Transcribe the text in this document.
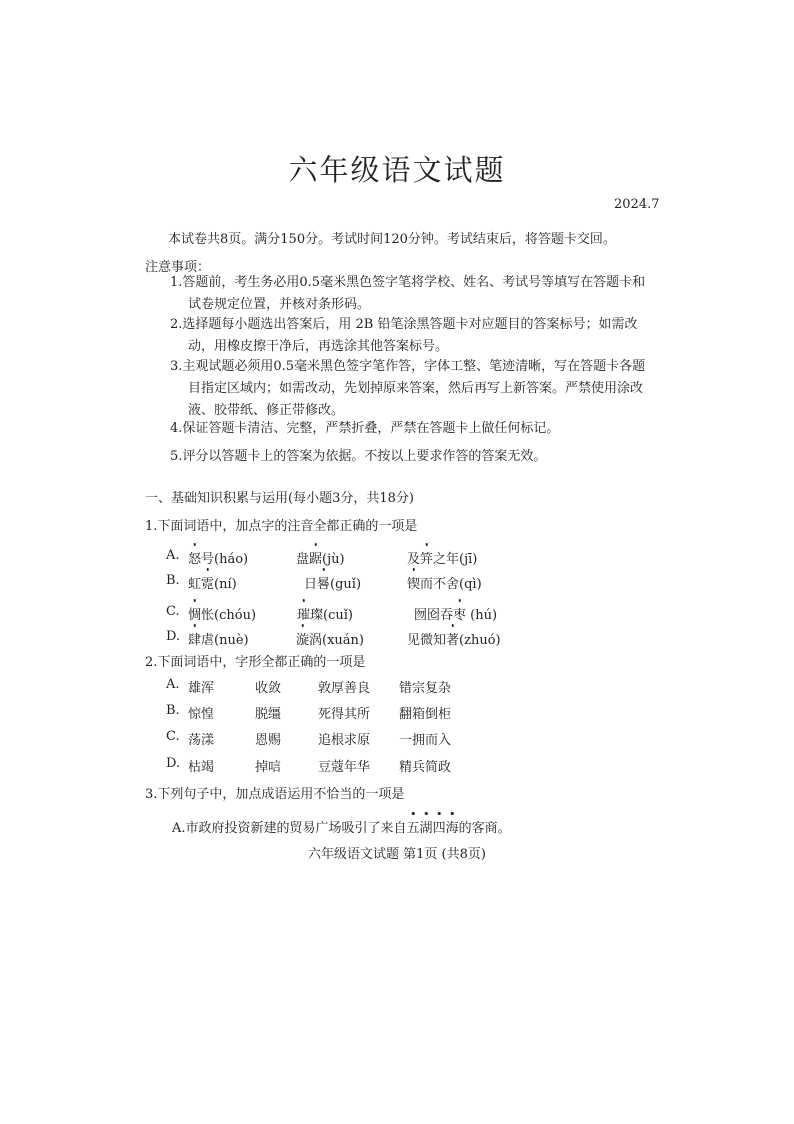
六年级语文试题
2024.7
本试卷共8页。满分150分。考试时间120分钟。考试结束后，将答题卡交回。
注意事项：
1.答题前，考生务必用0.5毫米黑色签字笔将学校、姓名、考试号等填写在答题卡和
试卷规定位置，并核对条形码。
2.选择题每小题选出答案后，用 2B 铅笔涂黑答题卡对应题目的答案标号；如需改
动，用橡皮擦干净后，再选涂其他答案标号。
3.主观试题必须用0.5毫米黑色签字笔作答，字体工整、笔迹清晰，写在答题卡各题
目指定区域内；如需改动，先划掉原来答案，然后再写上新答案。严禁使用涂改
液、胶带纸、修正带修改。
4.保证答题卡清洁、完整，严禁折叠，严禁在答题卡上做任何标记。
5.评分以答题卡上的答案为依据。不按以上要求作答的答案无效。
一、基础知识积累与运用(每小题3分，共18分)
1.下面词语中，加点字的注音全都正确的一项是
A. 怒号(háo)	盘踞(jù)	及笄之年(jī)
B. 虹霓(ní)	日晷(guǐ)	锲而不舍(qì)
C. 惆怅(chóu)	璀璨(cuǐ)	囫囵吞枣 (hú)
D. 肆虐(nuè)	漩涡(xuán)	见微知著(zhuó)
2.下面词语中，字形全都正确的一项是
A. 雄浑	收敛	敦厚善良 错宗复杂
B. 惊惶	脱缰	死得其所 翻箱倒柜
C. 荡漾	恩赐	追根求原 一拥而入
D. 枯竭	掉唁	豆蔻年华 精兵简政
3.下列句子中，加点成语运用不恰当的一项是
A.市政府投资新建的贸易广场吸引了来自五湖四海的客商。
六年级语文试题 第1页 (共8页)
